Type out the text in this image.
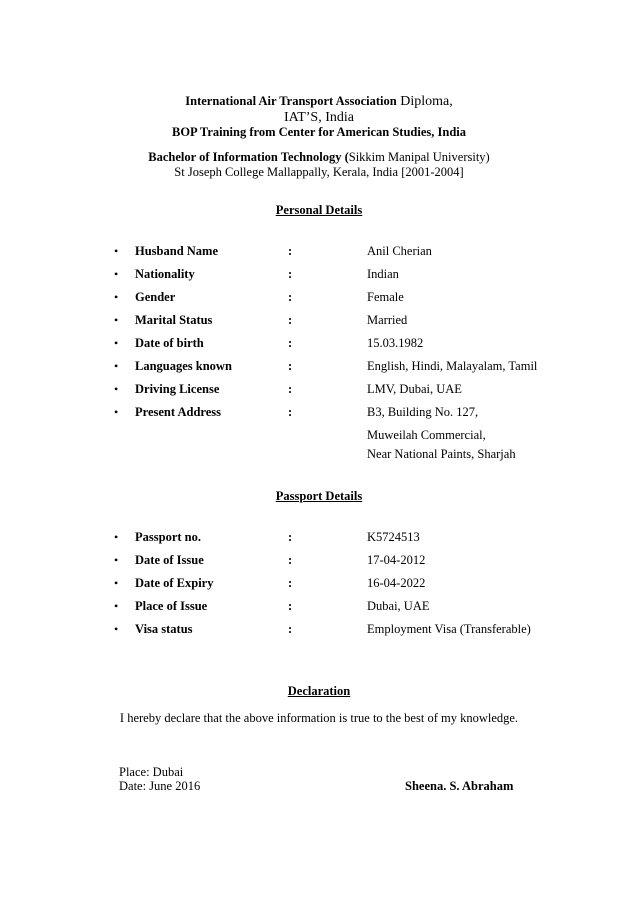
International Air Transport Association Diploma,
IAT’S, India
BOP Training from Center for American Studies, India
Bachelor of Information Technology (Sikkim Manipal University)
St Joseph College Mallappally, Kerala, India [2001-2004]
Personal Details
• Husband Name	:	Anil Cherian
• Nationality	:	Indian
• Gender	:	Female
• Marital Status	:	Married
• Date of birth	:	15.03.1982
• Languages known	:	English, Hindi, Malayalam, Tamil
• Driving License	:	LMV, Dubai, UAE
• Present Address	:	B3, Building No. 127,
Muweilah Commercial,
Near National Paints, Sharjah
Passport Details
• Passport no.	:	K5724513
• Date of Issue	:	17-04-2012
• Date of Expiry	:	16-04-2022
• Place of Issue	:	Dubai, UAE
• Visa status	:	Employment Visa (Transferable)
Declaration
I hereby declare that the above information is true to the best of my knowledge.
Place: Dubai
Date: June 2016	Sheena. S. Abraham
